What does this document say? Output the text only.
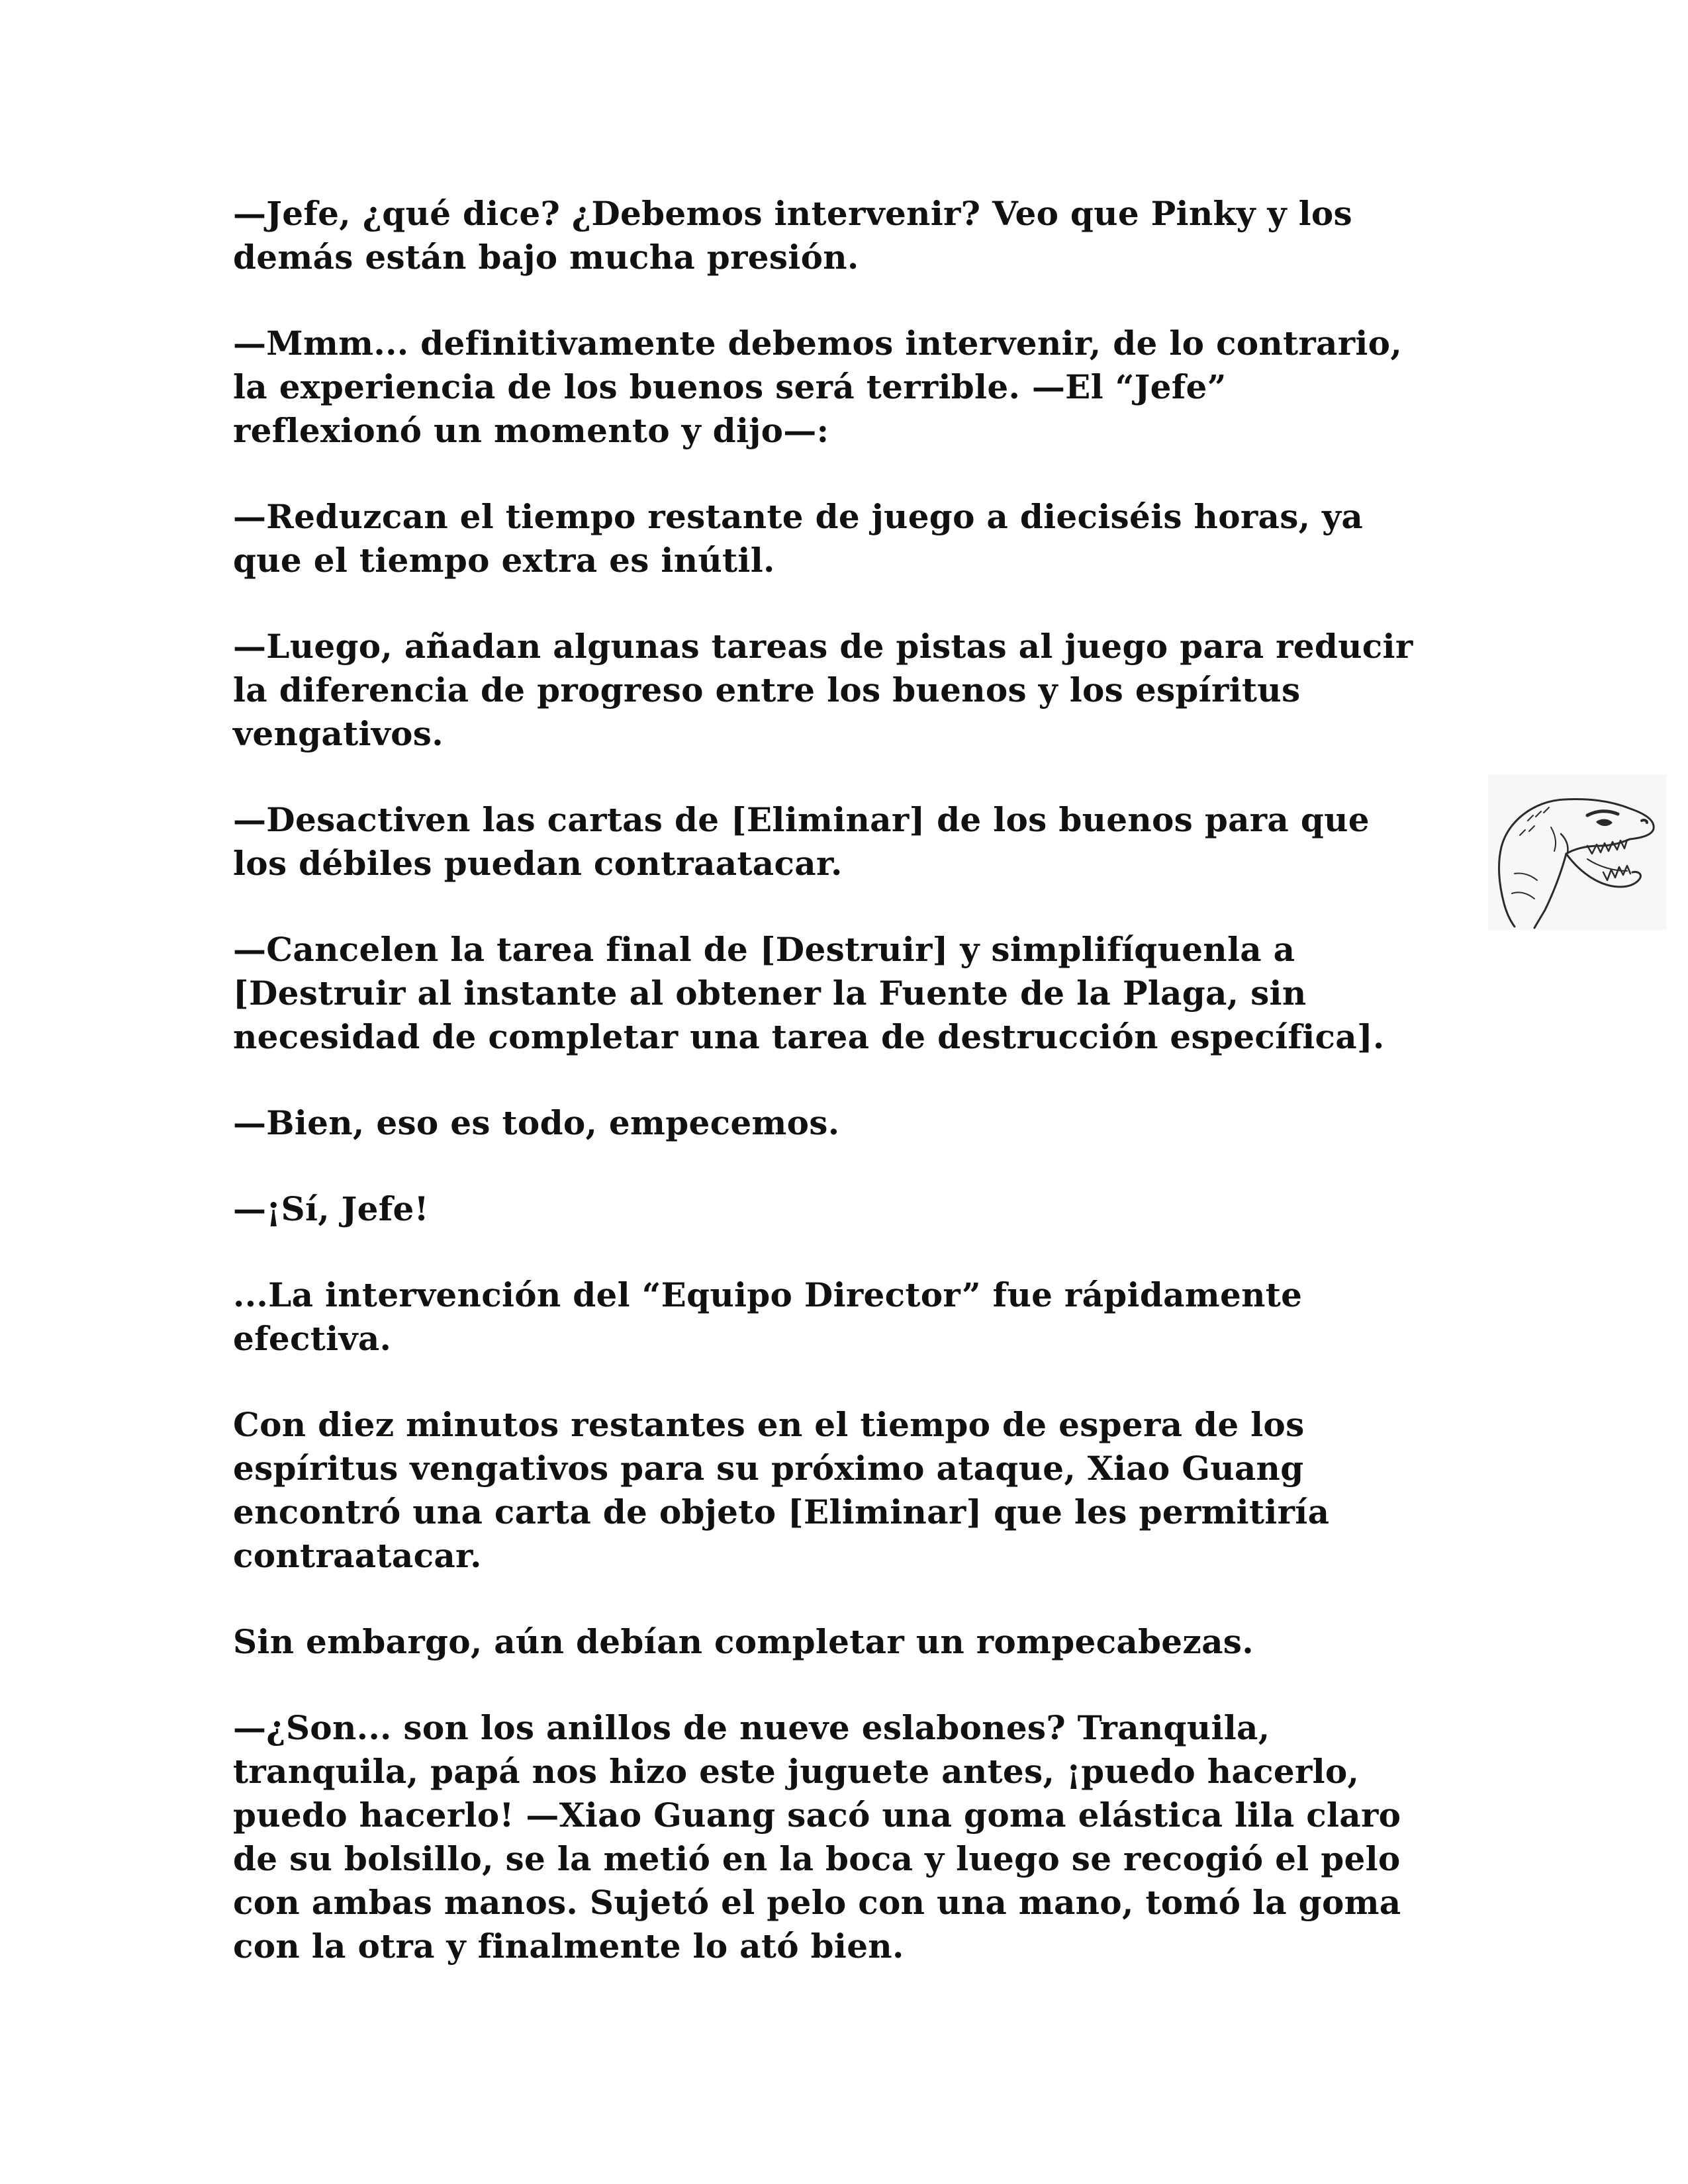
—Jefe, ¿qué dice? ¿Debemos intervenir? Veo que Pinky y los
demás están bajo mucha presión.

—Mmm... definitivamente debemos intervenir, de lo contrario,
la experiencia de los buenos será terrible. —El “Jefe”
reflexionó un momento y dijo—:

—Reduzcan el tiempo restante de juego a dieciséis horas, ya
que el tiempo extra es inútil.

—Luego, añadan algunas tareas de pistas al juego para reducir
la diferencia de progreso entre los buenos y los espíritus
vengativos.

—Desactiven las cartas de [Eliminar] de los buenos para que
los débiles puedan contraatacar.

—Cancelen la tarea final de [Destruir] y simplifíquenla a
[Destruir al instante al obtener la Fuente de la Plaga, sin
necesidad de completar una tarea de destrucción específica].

—Bien, eso es todo, empecemos.

—¡Sí, Jefe!

...La intervención del “Equipo Director” fue rápidamente
efectiva.

Con diez minutos restantes en el tiempo de espera de los
espíritus vengativos para su próximo ataque, Xiao Guang
encontró una carta de objeto [Eliminar] que les permitiría
contraatacar.

Sin embargo, aún debían completar un rompecabezas.

—¿Son... son los anillos de nueve eslabones? Tranquila,
tranquila, papá nos hizo este juguete antes, ¡puedo hacerlo,
puedo hacerlo! —Xiao Guang sacó una goma elástica lila claro
de su bolsillo, se la metió en la boca y luego se recogió el pelo
con ambas manos. Sujetó el pelo con una mano, tomó la goma
con la otra y finalmente lo ató bien.
